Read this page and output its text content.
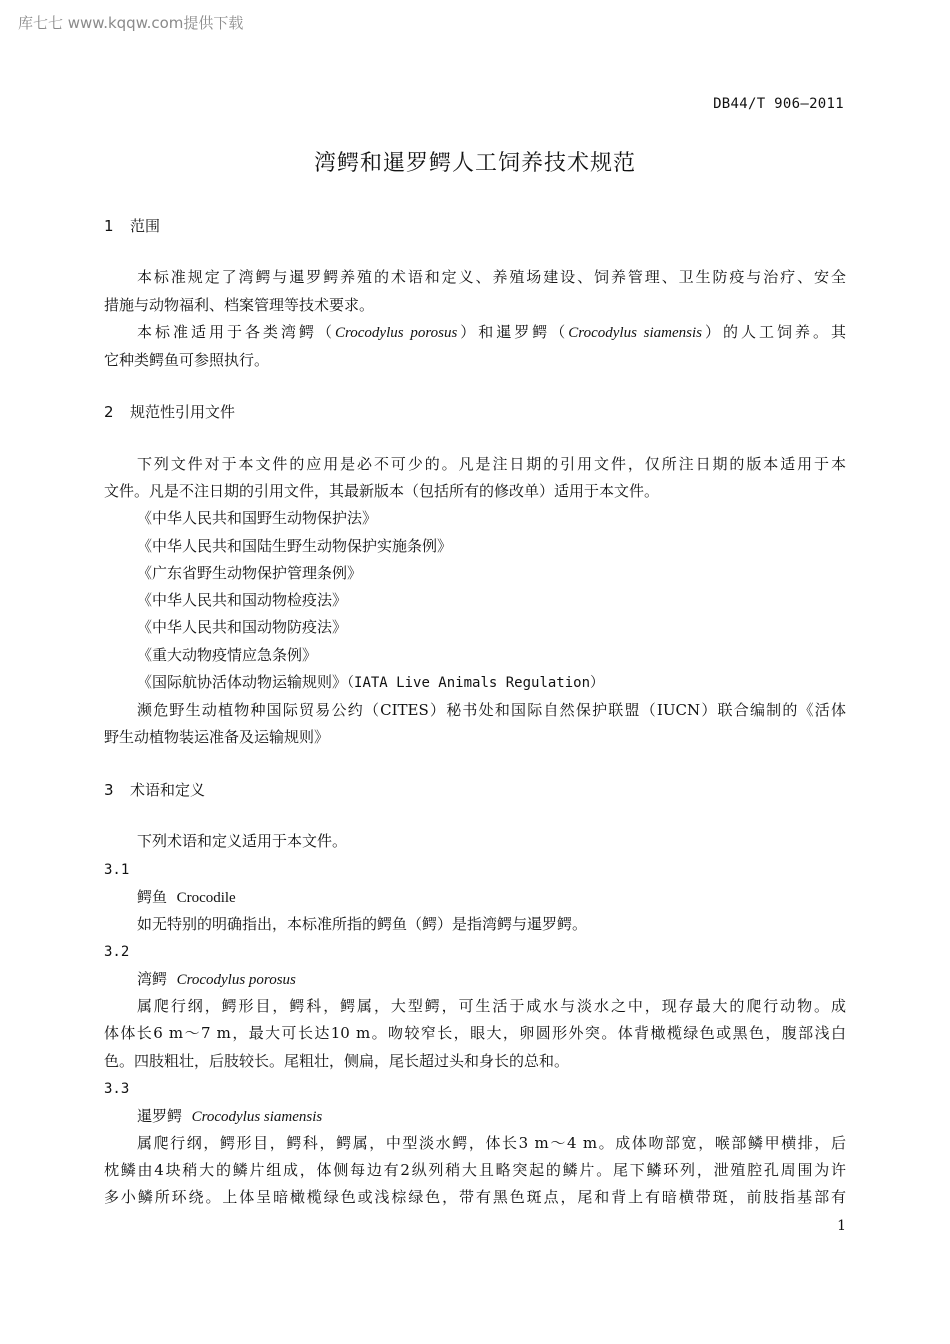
库七七 www.kqqw.com提供下载
DB44/T 906—2011
湾鳄和暹罗鳄人工饲养技术规范
1 范围
本标准规定了湾鳄与暹罗鳄养殖的术语和定义、养殖场建设、饲养管理、卫生防疫与治疗、安全
措施与动物福利、档案管理等技术要求。
本标准适用于各类湾鳄（Crocodylus porosus）和暹罗鳄（Crocodylus siamensis）的人工饲养。其
它种类鳄鱼可参照执行。
2 规范性引用文件
下列文件对于本文件的应用是必不可少的。凡是注日期的引用文件，仅所注日期的版本适用于本
文件。凡是不注日期的引用文件，其最新版本（包括所有的修改单）适用于本文件。
《中华人民共和国野生动物保护法》
《中华人民共和国陆生野生动物保护实施条例》
《广东省野生动物保护管理条例》
《中华人民共和国动物检疫法》
《中华人民共和国动物防疫法》
《重大动物疫情应急条例》
《国际航协活体动物运输规则》（IATA Live Animals Regulation）
濒危野生动植物种国际贸易公约（CITES）秘书处和国际自然保护联盟（IUCN）联合编制的《活体
野生动植物装运准备及运输规则》
3 术语和定义
下列术语和定义适用于本文件。
3.1
鳄鱼 Crocodile
如无特别的明确指出，本标准所指的鳄鱼（鳄）是指湾鳄与暹罗鳄。
3.2
湾鳄 Crocodylus porosus
属爬行纲，鳄形目，鳄科，鳄属，大型鳄，可生活于咸水与淡水之中，现存最大的爬行动物。成
体体长6 m～7 m，最大可长达10 m。吻较窄长，眼大，卵圆形外突。体背橄榄绿色或黑色，腹部浅白
色。四肢粗壮，后肢较长。尾粗壮，侧扁，尾长超过头和身长的总和。
3.3
暹罗鳄 Crocodylus siamensis
属爬行纲，鳄形目，鳄科，鳄属，中型淡水鳄，体长3 m～4 m。成体吻部宽，喉部鳞甲横排，后
枕鳞由4块稍大的鳞片组成，体侧每边有2纵列稍大且略突起的鳞片。尾下鳞环列，泄殖腔孔周围为许
多小鳞所环绕。上体呈暗橄榄绿色或浅棕绿色，带有黑色斑点，尾和背上有暗横带斑，前肢指基部有
1
